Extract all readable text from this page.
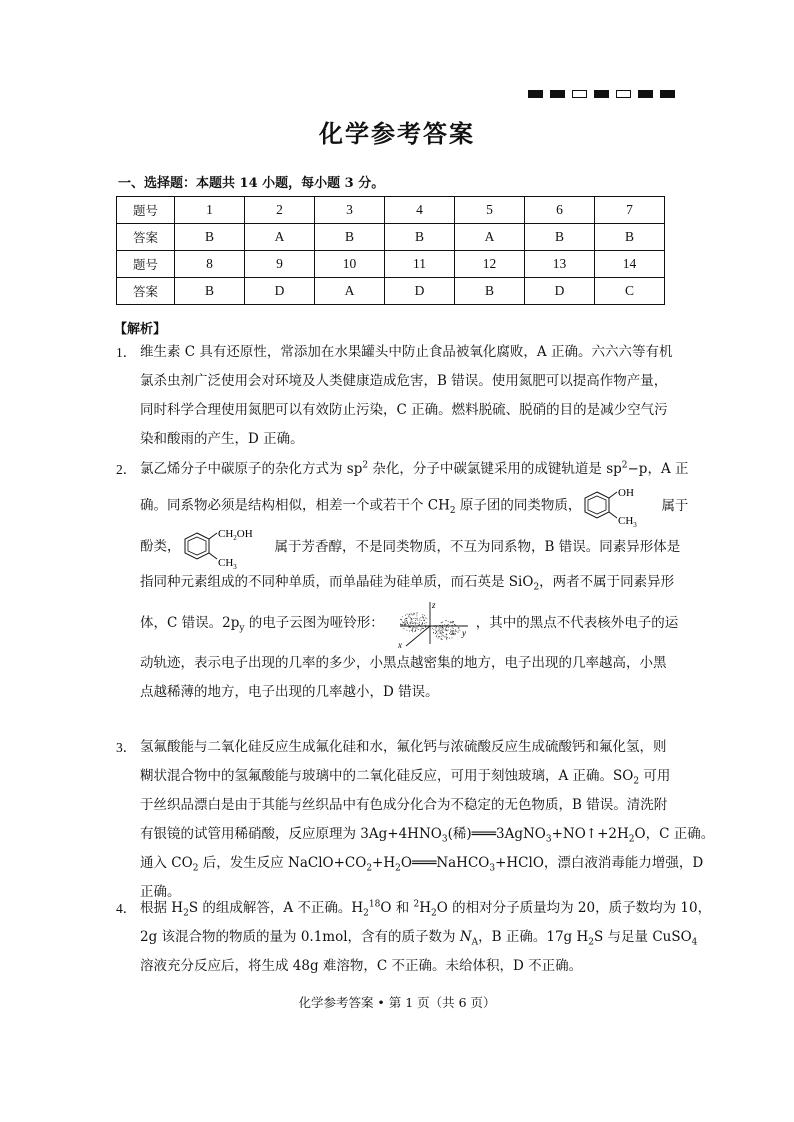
化学参考答案
一、选择题：本题共 14 小题，每小题 3 分。
题号	1	2	3	4	5	6	7
答案	B	A	B	B	A	B	B
题号	8	9	10	11	12	13	14
答案	B	D	A	D	B	D	C
【解析】
1． 维生素 C 具有还原性，常添加在水果罐头中防止食品被氧化腐败，A 正确。六六六等有机
氯杀虫剂广泛使用会对环境及人类健康造成危害，B 错误。使用氮肥可以提高作物产量，
同时科学合理使用氮肥可以有效防止污染，C 正确。燃料脱硫、脱硝的目的是减少空气污
染和酸雨的产生，D 正确。
2． 氯乙烯分子中碳原子的杂化方式为 $sp^2$ 杂化，分子中碳氯键采用的成键轨道是 $sp^2-p$，A 正
确。同系物必须是结构相似，相差一个或若干个 $CH_2$ 原子团的同类物质，
OH
$CH_3$
属于
酚类，
$CH_2OH$
$CH_3$
属于芳香醇，不是同类物质，不互为同系物，B 错误。同素异形体是
指同种元素组成的不同种单质，而单晶硅为硅单质，而石英是 SiO$_2$，两者不属于同素异形
体，C 错误。$2p_y$ 的电子云图为哑铃形：
z
y
x
，其中的黑点不代表核外电子的运
动轨迹，表示电子出现的几率的多少，小黑点越密集的地方，电子出现的几率越高，小黑
点越稀薄的地方，电子出现的几率越小，D 错误。
3． 氢氟酸能与二氧化硅反应生成氟化硅和水，氟化钙与浓硫酸反应生成硫酸钙和氟化氢，则
糊状混合物中的氢氟酸能与玻璃中的二氧化硅反应，可用于刻蚀玻璃，A 正确。$SO_2$ 可用
于丝织品漂白是由于其能与丝织品中有色成分化合为不稳定的无色物质，B 错误。清洗附
有银镜的试管用稀硝酸，反应原理为 $3Ag+4HNO_3$(稀)$═══3AgNO_3+NO↑+2H_2O$，C 正确。
通入 $CO_2$ 后，发生反应 $NaClO+CO_2+H_2O═══NaHCO_3+HClO$，漂白液消毒能力增强，D
正确。
4． 根据 $H_2S$ 的组成解答，A 不正确。$H_2^{18}O$ 和 $^2H_2O$ 的相对分子质量均为 20，质子数均为 10，
2g 该混合物的物质的量为 0.1mol，含有的质子数为 $N_A$，B 正确。17g $H_2S$ 与足量 CuSO$_4$
溶液充分反应后，将生成 48g 难溶物，C 不正确。未给体积，D 不正确。
化学参考答案 • 第 1 页（共 6 页）
